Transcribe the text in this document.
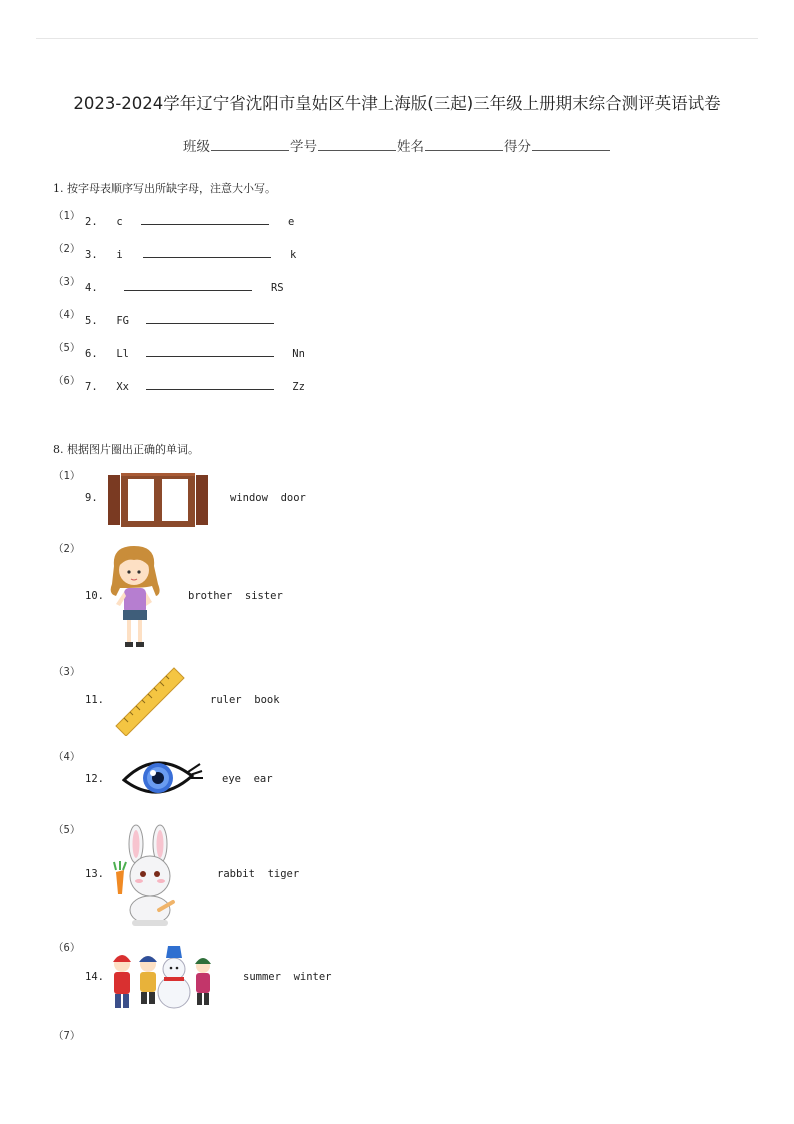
2023-2024学年辽宁省沈阳市皇姑区牛津上海版(三起)三年级上册期末综合测评英语试卷
班级	学号	姓名	得分
1. 按字母表顺序写出所缺字母，注意大小写。
（1） 2. c	e
（2） 3. i	k
（3） 4.	RS
（4） 5. FG
（5） 6. Ll	Nn
（6） 7. Xx	Zz
8. 根据图片圈出正确的单词。
（1）
9.	window  door
（2）
10.	brother  sister
（3）
11.	ruler  book
（4）
12.	eye  ear
（5）
13.	rabbit  tiger
（6）
14.	summer  winter
（7）
